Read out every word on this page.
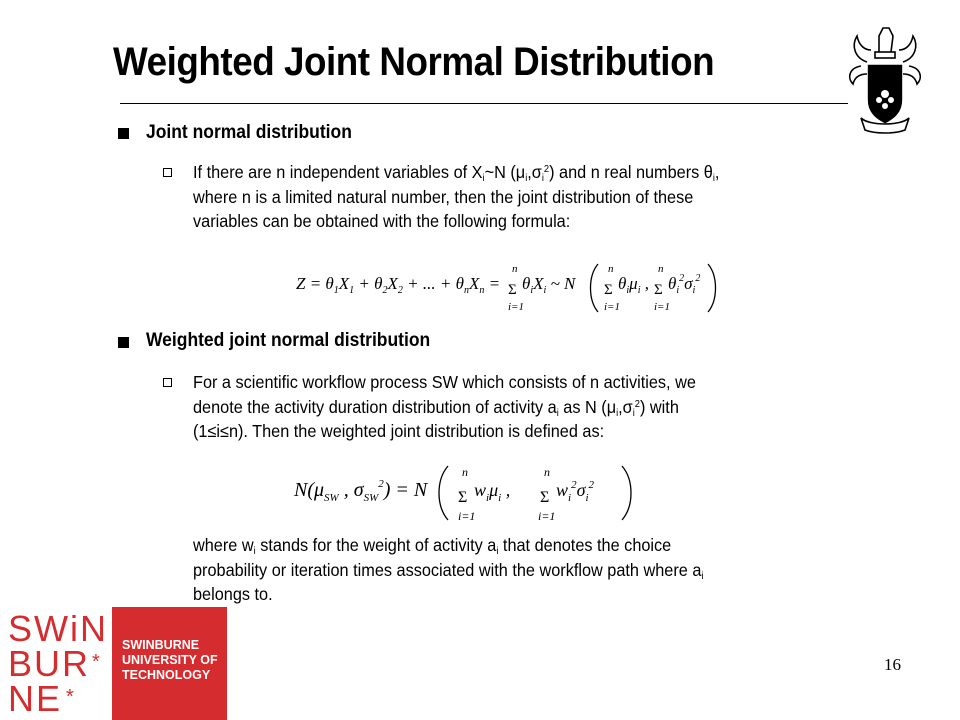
Weighted Joint Normal Distribution
Joint normal distribution
If there are n independent variables of $X_i\sim N$ $(\mu_i,\sigma_i^2)$ and n real numbers $\theta_i$,
where n is a limited natural number, then the joint distribution of these
variables can be obtained with the following formula:
$Z = \theta_1X_1 + \theta_2X_2$ + ... + $\theta_nX_n$ =
n
i=1
n
i=1
n
i=1
Σ	Σ	Σ
$\theta_iX_i$ ~ N	$\theta_i\mu_i$ , $\theta_i^2\sigma_i^2$
Weighted joint normal distribution
For a scientific workflow process SW which consists of n activities, we
denote the activity duration distribution of activity $a_i$ as N $(\mu_i,\sigma_i^2)$ with
(1≤i≤n). Then the weighted joint distribution is defined as:
$N(\mu_{SW}$ , $\sigma_{SW}^2) = N$
n
i=1
n
i=1
Σ	Σ
$w_i\mu_i$ ,	$w_i^2\sigma_i^2$
where $w_i$ stands for the weight of activity $a_i$ that denotes the choice
probability or iteration times associated with the workflow path where $a_i$
belongs to.
SWiN
BUR *
NE *
SWINBURNE
UNIVERSITY OF
TECHNOLOGY
16
